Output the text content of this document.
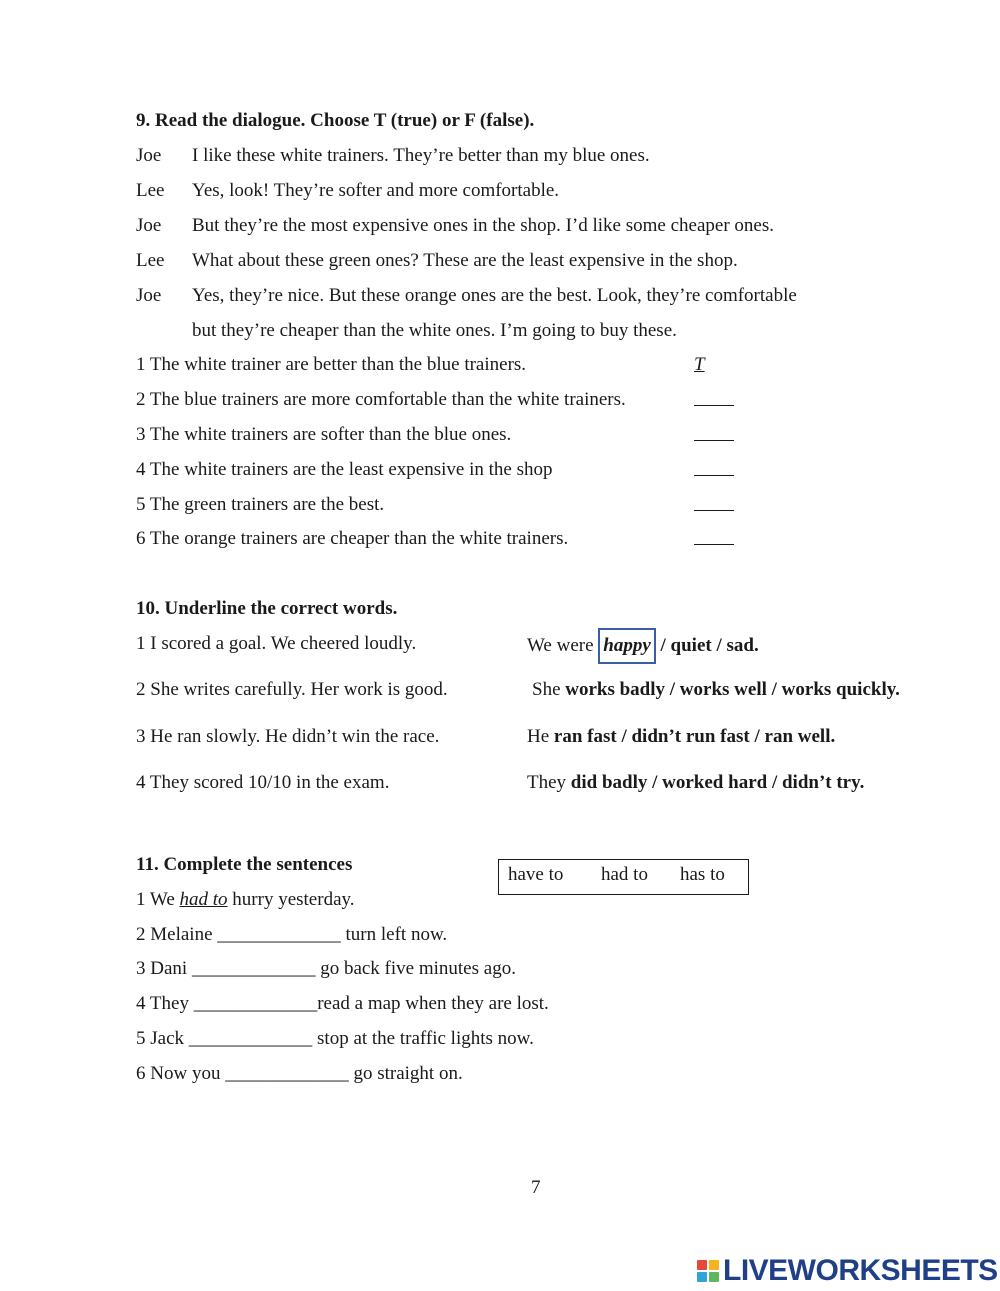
9. Read the dialogue. Choose T (true) or F (false).
Joe I like these white trainers. They’re better than my blue ones.
Lee Yes, look! They’re softer and more comfortable.
Joe But they’re the most expensive ones in the shop. I’d like some cheaper ones.
Lee What about these green ones? These are the least expensive in the shop.
Joe Yes, they’re nice. But these orange ones are the best. Look, they’re comfortable
but they’re cheaper than the white ones. I’m going to buy these.
1 The white trainer are better than the blue trainers.	T
2 The blue trainers are more comfortable than the white trainers.
3 The white trainers are softer than the blue ones.
4 The white trainers are the least expensive in the shop
5 The green trainers are the best.
6 The orange trainers are cheaper than the white trainers.
10. Underline the correct words.
1 I scored a goal. We cheered loudly.	We were happy / quiet / sad.
2 She writes carefully. Her work is good.	She works badly / works well / works quickly.
3 He ran slowly. He didn’t win the race.	He ran fast / didn’t run fast / ran well.
4 They scored 10/10 in the exam.	They did badly / worked hard / didn’t try.
11. Complete the sentences	have to had to has to
1 We had to hurry yesterday.
2 Melaine _____________ turn left now.
3 Dani _____________ go back five minutes ago.
4 They _____________read a map when they are lost.
5 Jack _____________ stop at the traffic lights now.
6 Now you _____________ go straight on.
7
LIVEWORKSHEETS
